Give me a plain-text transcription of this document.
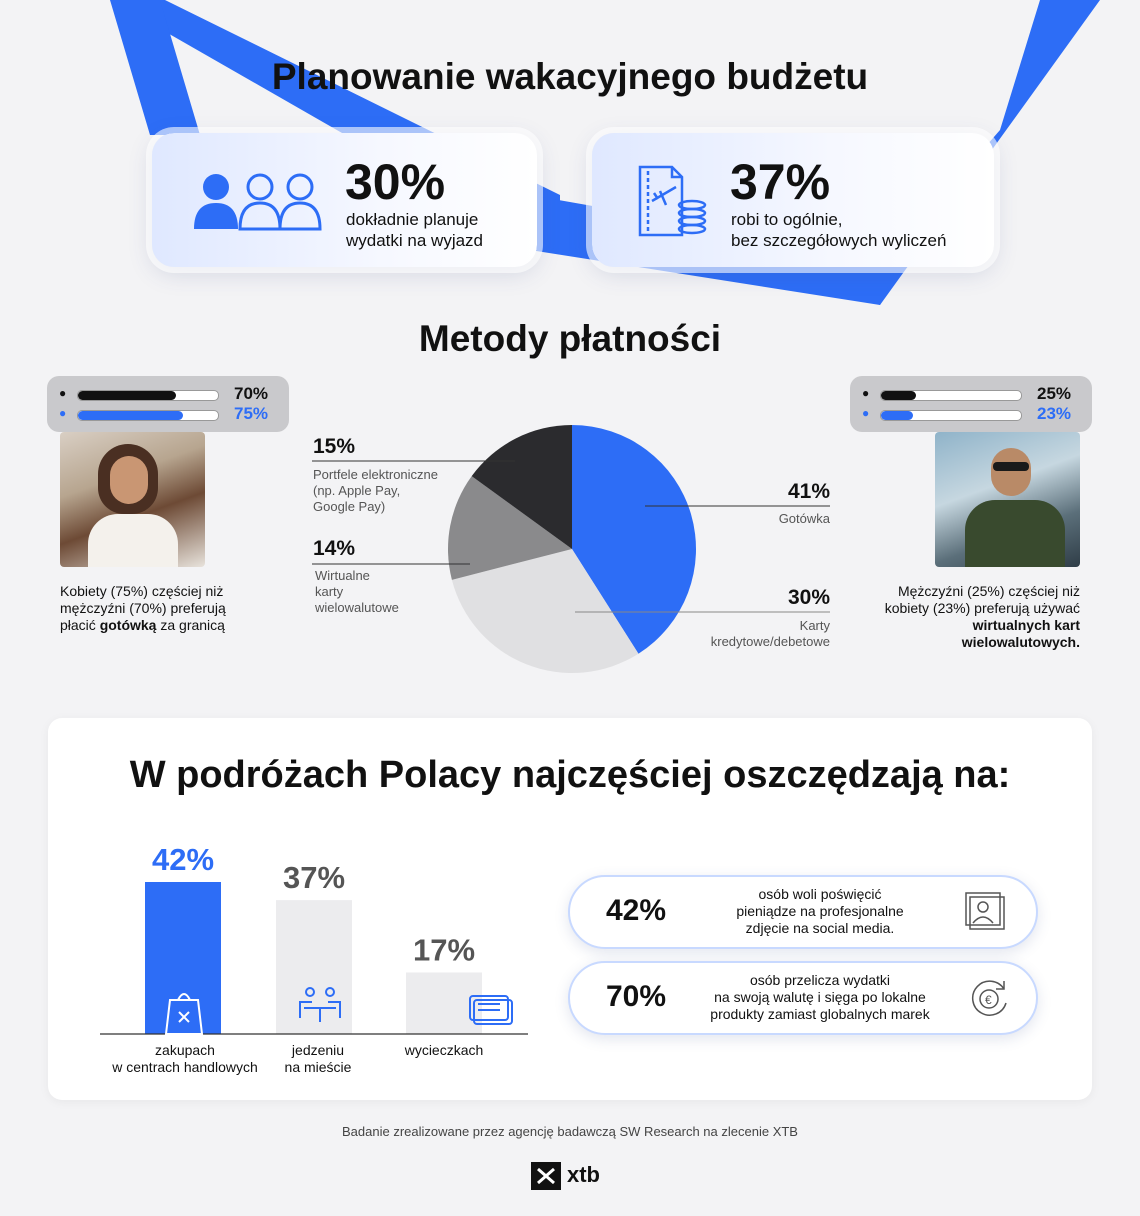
Planowanie wakacyjnego budżetu
30%
dokładnie planuje
wydatki na wyjazd
37%
robi to ogólnie,
bez szczegółowych wyliczeń
Metody płatności
●	70%
●	75%
Kobiety (75%) częściej niż mężczyźni (70%) preferują płacić gotówką za granicą
●	25%
●	23%
Mężczyźni (25%) częściej niż kobiety (23%) preferują używać wirtualnych kart wielowalutowych.
15%
Portfele elektroniczne
(np. Apple Pay,
Google Pay)
14%
Wirtualne
karty
wielowalutowe
41%
Gotówka
30%
Karty
kredytowe/debetowe
W podróżach Polacy najczęściej oszczędzają na:
42%
37%
17%
zakupach
w centrach handlowych
jedzeniu
na mieście
wycieczkach
42%	osób woli poświęcić
pieniądze na profesjonalne
zdjęcie na social media.
70%	osób przelicza wydatki
na swoją walutę i sięga po lokalne
produkty zamiast globalnych marek
€
Badanie zrealizowane przez agencję badawczą SW Research na zlecenie XTB
xtb
